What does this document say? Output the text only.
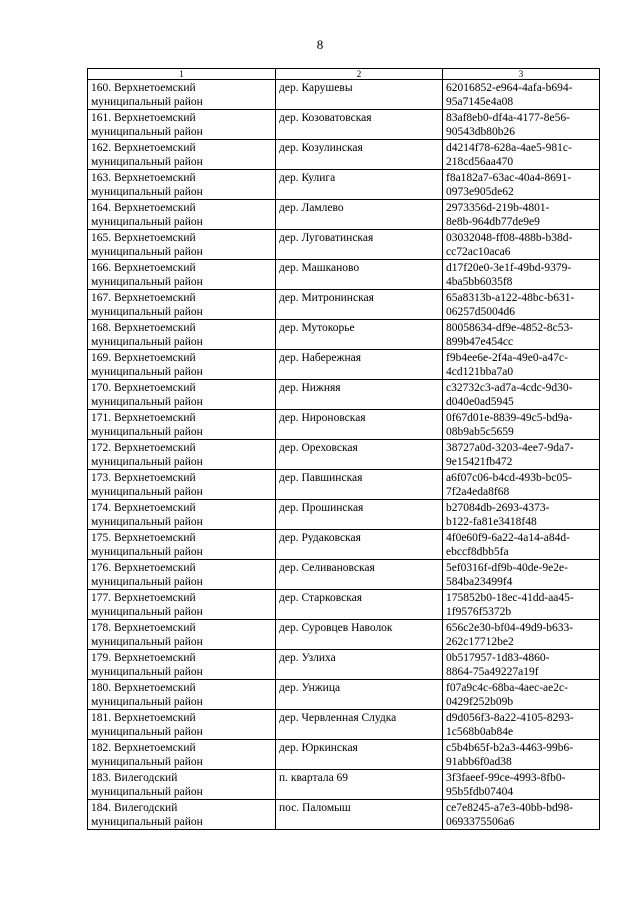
8
1	2	3

160. Верхнетоемский
муниципальный район	дер. Карушевы	62016852-e964-4afa-b694-
95a7145e4a08

161. Верхнетоемский
муниципальный район	дер. Козоватовская	83af8eb0-df4a-4177-8e56-
90543db80b26

162. Верхнетоемский
муниципальный район	дер. Козулинская	d4214f78-628a-4ae5-981c-
218cd56aa470

163. Верхнетоемский
муниципальный район	дер. Кулига	f8a182a7-63ac-40a4-8691-
0973e905de62

164. Верхнетоемский
муниципальный район	дер. Ламлево	2973356d-219b-4801-
8e8b-964db77de9e9

165. Верхнетоемский
муниципальный район	дер. Луговатинская	03032048-ff08-488b-b38d-
cc72ac10aca6

166. Верхнетоемский
муниципальный район	дер. Машканово	d17f20e0-3e1f-49bd-9379-
4ba5bb6035f8

167. Верхнетоемский
муниципальный район	дер. Митронинская	65a8313b-a122-48bc-b631-
06257d5004d6

168. Верхнетоемский
муниципальный район	дер. Мутокорье	80058634-df9e-4852-8c53-
899b47e454cc

169. Верхнетоемский
муниципальный район	дер. Набережная	f9b4ee6e-2f4a-49e0-a47c-
4cd121bba7a0

170. Верхнетоемский
муниципальный район	дер. Нижняя	c32732c3-ad7a-4cdc-9d30-
d040e0ad5945

171. Верхнетоемский
муниципальный район	дер. Нироновская	0f67d01e-8839-49c5-bd9a-
08b9ab5c5659

172. Верхнетоемский
муниципальный район	дер. Ореховская	38727a0d-3203-4ee7-9da7-
9e15421fb472

173. Верхнетоемский
муниципальный район	дер. Павшинская	a6f07c06-b4cd-493b-bc05-
7f2a4eda8f68

174. Верхнетоемский
муниципальный район	дер. Прошинская	b27084db-2693-4373-
b122-fa81e3418f48

175. Верхнетоемский
муниципальный район	дер. Рудаковская	4f0e60f9-6a22-4a14-a84d-
ebccf8dbb5fa

176. Верхнетоемский
муниципальный район	дер. Селивановская	5ef0316f-df9b-40de-9e2e-
584ba23499f4

177. Верхнетоемский
муниципальный район	дер. Старковская	175852b0-18ec-41dd-aa45-
1f9576f5372b

178. Верхнетоемский
муниципальный район	дер. Суровцев Наволок	656c2e30-bf04-49d9-b633-
262c17712be2

179. Верхнетоемский
муниципальный район	дер. Узлиха	0b517957-1d83-4860-
8864-75a49227a19f

180. Верхнетоемский
муниципальный район	дер. Унжица	f07a9c4c-68ba-4aec-ae2c-
0429f252b09b

181. Верхнетоемский
муниципальный район	дер. Червленная Слудка	d9d056f3-8a22-4105-8293-
1c568b0ab84e

182. Верхнетоемский
муниципальный район	дер. Юркинская	c5b4b65f-b2a3-4463-99b6-
91abb6f0ad38

183. Вилегодский
муниципальный район	п. квартала 69	3f3faeef-99ce-4993-8fb0-
95b5fdb07404

184. Вилегодский
муниципальный район	пос. Паломыш	ce7e8245-a7e3-40bb-bd98-
0693375506a6
